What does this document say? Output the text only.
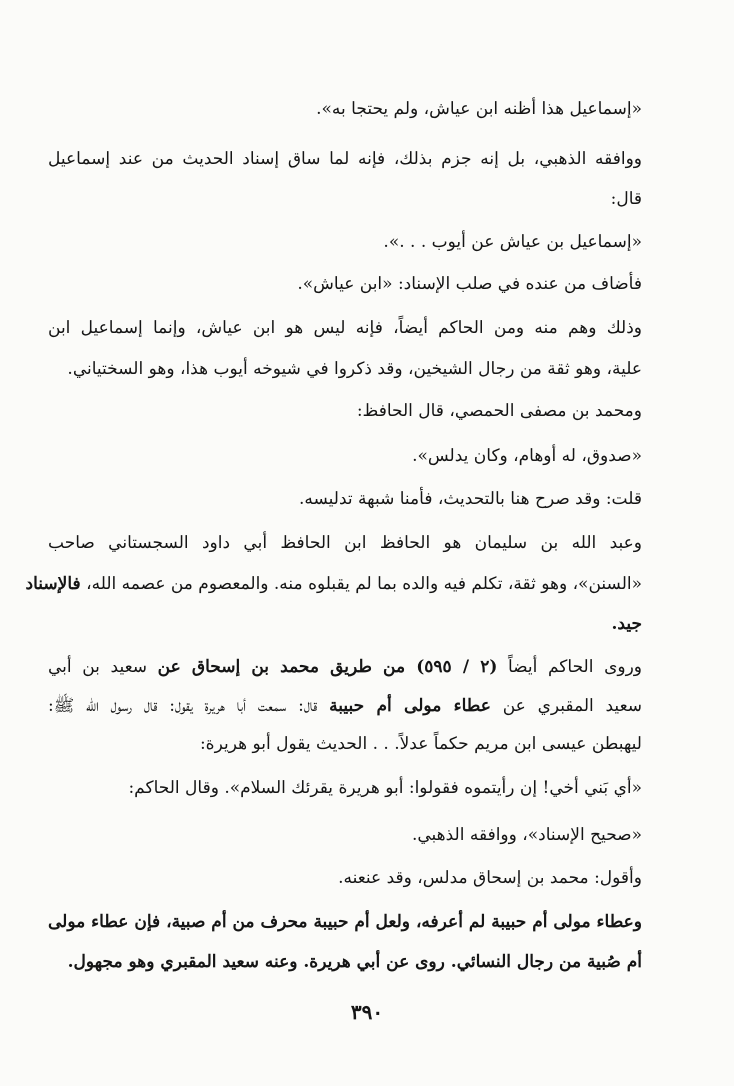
«إسماعيل هذا أظنه ابن عياش، ولم يحتجا به».
ووافقه الذهبي، بل إنه جزم بذلك، فإنه لما ساق إسناد الحديث من عند إسماعيل
قال:
«إسماعيل بن عياش عن أيوب . . .».
فأضاف من عنده في صلب الإسناد: «ابن عياش».
وذلك وهم منه ومن الحاكم أيضاً، فإنه ليس هو ابن عياش، وإنما إسماعيل ابن
علية، وهو ثقة من رجال الشيخين، وقد ذكروا في شيوخه أيوب هذا، وهو السختياني.
ومحمد بن مصفى الحمصي، قال الحافظ:
«صدوق، له أوهام، وكان يدلس».
قلت: وقد صرح هنا بالتحديث، فأمنا شبهة تدليسه.
وعبد الله بن سليمان هو الحافظ ابن الحافظ أبي داود السجستاني صاحب
«السنن»، وهو ثقة، تكلم فيه والده بما لم يقبلوه منه. والمعصوم من عصمه الله، فالإسناد
جيد.
وروى الحاكم أيضاً (٢ / ٥٩٥) من طريق محمد بن إسحاق عن سعيد بن أبي
سعيد المقبري عن عطاء مولى أم حبيبة قال: سمعت أبا هريرة يقول: قال رسول الله ﷺ:
ليهبطن عيسى ابن مريم حكماً عدلاً. . . الحديث يقول أبو هريرة:
«أي بَني أخي! إن رأيتموه فقولوا: أبو هريرة يقرئك السلام». وقال الحاكم:
«صحيح الإسناد»، ووافقه الذهبي.
وأقول: محمد بن إسحاق مدلس، وقد عنعنه.
وعطاء مولى أم حبيبة لم أعرفه، ولعل أم حبيبة محرف من أم صبية، فإن عطاء مولى
أم صُبية من رجال النسائي. روى عن أبي هريرة. وعنه سعيد المقبري وهو مجهول.
٣٩٠
